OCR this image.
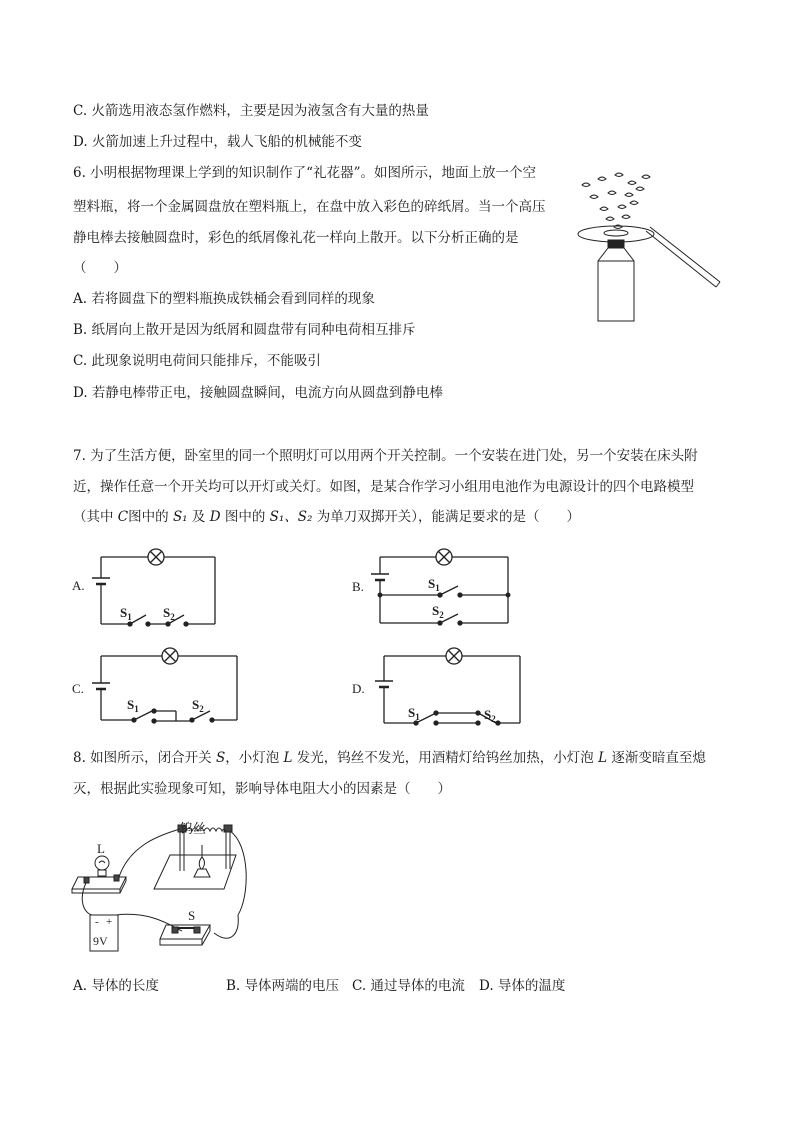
C. 火箭选用液态氢作燃料，主要是因为液氢含有大量的热量
D. 火箭加速上升过程中，载人飞船的机械能不变
6. 小明根据物理课上学到的知识制作了“礼花器”。如图所示，地面上放一个空
塑料瓶，将一个金属圆盘放在塑料瓶上，在盘中放入彩色的碎纸屑。当一个高压
静电棒去接触圆盘时，彩色的纸屑像礼花一样向上散开。以下分析正确的是
（　　）
A. 若将圆盘下的塑料瓶换成铁桶会看到同样的现象
B. 纸屑向上散开是因为纸屑和圆盘带有同种电荷相互排斥
C. 此现象说明电荷间只能排斥，不能吸引
D. 若静电棒带正电，接触圆盘瞬间，电流方向从圆盘到静电棒
7. 为了生活方便，卧室里的同一个照明灯可以用两个开关控制。一个安装在进门处，另一个安装在床头附
近，操作任意一个开关均可以开灯或关灯。如图，是某合作学习小组用电池作为电源设计的四个电路模型
（其中 C图中的 S₁ 及 D 图中的 S₁、S₂ 为单刀双掷开关），能满足要求的是（　　）
A.
$S_1$ $S_2$
B.	$S_1$
$S_2$
C.
$S_1$	$S_2$
D.
$S_1$	$S_2$
8. 如图所示，闭合开关 S，小灯泡 L 发光，钨丝不发光，用酒精灯给钨丝加热，小灯泡 L 逐渐变暗直至熄
灭，根据此实验现象可知，影响导体电阻大小的因素是（　　）
钨丝
L
S
- +
9V
A. 导体的长度	B. 导体两端的电压 C. 通过导体的电流 D. 导体的温度
